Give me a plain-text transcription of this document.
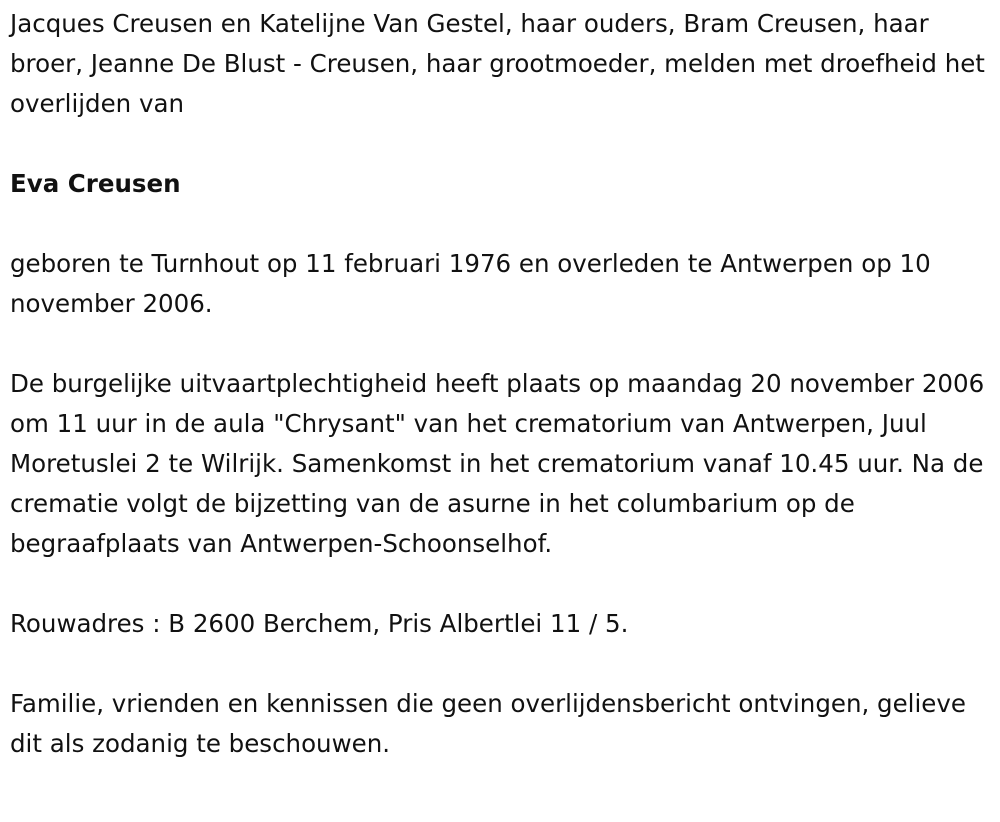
Jacques Creusen en Katelijne Van Gestel, haar ouders, Bram Creusen, haar broer, Jeanne De Blust - Creusen, haar grootmoeder, melden met droefheid het overlijden van

Eva Creusen

geboren te Turnhout op 11 februari 1976 en overleden te Antwerpen op 10 november 2006.

De burgelijke uitvaartplechtigheid heeft plaats op maandag 20 november 2006 om 11 uur in de aula "Chrysant" van het crematorium van Antwerpen, Juul Moretuslei 2 te Wilrijk. Samenkomst in het crematorium vanaf 10.45 uur. Na de crematie volgt de bijzetting van de asurne in het columbarium op de begraafplaats van Antwerpen-Schoonselhof.

Rouwadres : B 2600 Berchem, Pris Albertlei 11 / 5.

Familie, vrienden en kennissen die geen overlijdensbericht ontvingen, gelieve dit als zodanig te beschouwen.
